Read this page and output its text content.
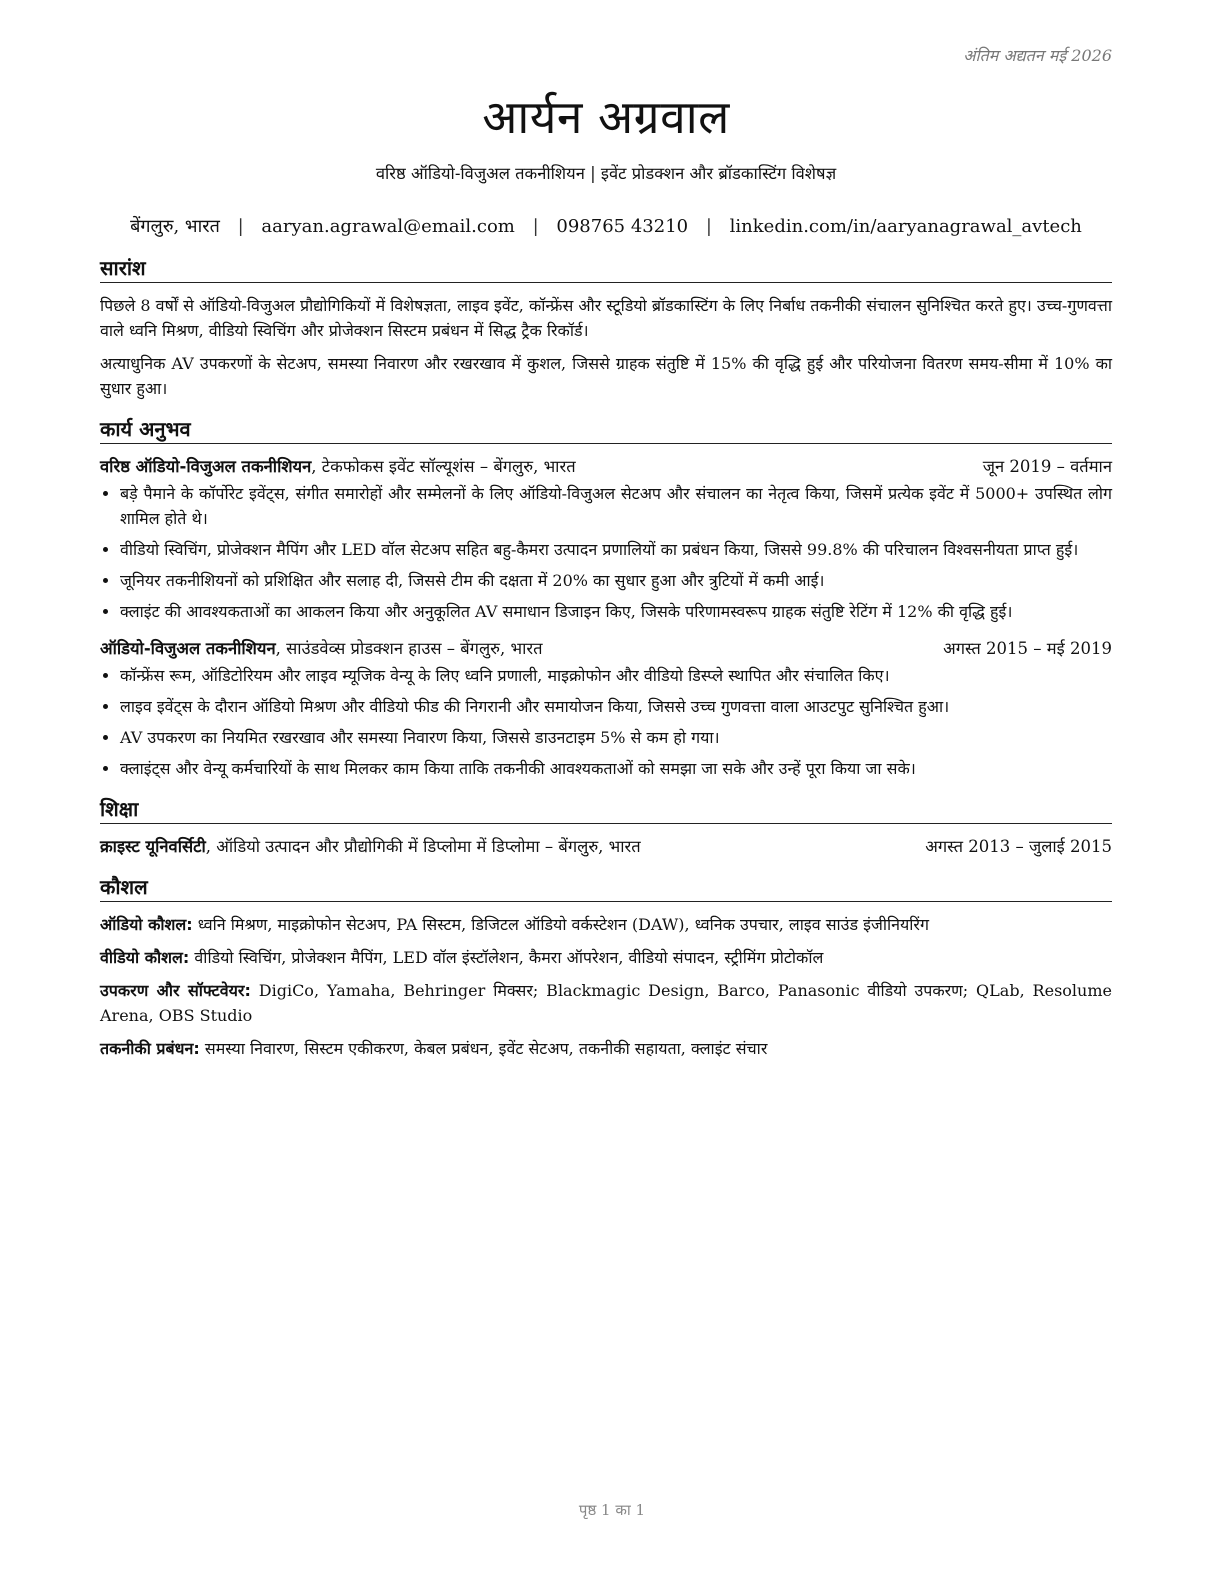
अंतिम अद्यतन मई 2026
आर्यन अग्रवाल
वरिष्ठ ऑडियो-विजुअल तकनीशियन | इवेंट प्रोडक्शन और ब्रॉडकास्टिंग विशेषज्ञ
बेंगलुरु, भारत | aaryan.agrawal@email.com | 098765 43210 | linkedin.com/in/aaryanagrawal_avtech
सारांश

पिछले 8 वर्षों से ऑडियो-विजुअल प्रौद्योगिकियों में विशेषज्ञता, लाइव इवेंट, कॉन्फ्रेंस और स्टूडियो ब्रॉडकास्टिंग के लिए निर्बाध तकनीकी संचालन सुनिश्चित करते हुए। उच्च-गुणवत्ता वाले ध्वनि मिश्रण, वीडियो स्विचिंग और प्रोजेक्शन सिस्टम प्रबंधन में सिद्ध ट्रैक रिकॉर्ड।

अत्याधुनिक AV उपकरणों के सेटअप, समस्या निवारण और रखरखाव में कुशल, जिससे ग्राहक संतुष्टि में 15% की वृद्धि हुई और परियोजना वितरण समय-सीमा में 10% का सुधार हुआ।

कार्य अनुभव
वरिष्ठ ऑडियो-विजुअल तकनीशियन, टेकफोकस इवेंट सॉल्यूशंस – बेंगलुरु, भारत	जून 2019 – वर्तमान
• बड़े पैमाने के कॉर्पोरेट इवेंट्स, संगीत समारोहों और सम्मेलनों के लिए ऑडियो-विजुअल सेटअप और संचालन का नेतृत्व किया, जिसमें प्रत्येक इवेंट में 5000+ उपस्थित लोग शामिल होते थे।
• वीडियो स्विचिंग, प्रोजेक्शन मैपिंग और LED वॉल सेटअप सहित बहु-कैमरा उत्पादन प्रणालियों का प्रबंधन किया, जिससे 99.8% की परिचालन विश्वसनीयता प्राप्त हुई।
• जूनियर तकनीशियनों को प्रशिक्षित और सलाह दी, जिससे टीम की दक्षता में 20% का सुधार हुआ और त्रुटियों में कमी आई।
• क्लाइंट की आवश्यकताओं का आकलन किया और अनुकूलित AV समाधान डिजाइन किए, जिसके परिणामस्वरूप ग्राहक संतुष्टि रेटिंग में 12% की वृद्धि हुई।
ऑडियो-विजुअल तकनीशियन, साउंडवेव्स प्रोडक्शन हाउस – बेंगलुरु, भारत	अगस्त 2015 – मई 2019
• कॉन्फ्रेंस रूम, ऑडिटोरियम और लाइव म्यूजिक वेन्यू के लिए ध्वनि प्रणाली, माइक्रोफोन और वीडियो डिस्प्ले स्थापित और संचालित किए।
• लाइव इवेंट्स के दौरान ऑडियो मिश्रण और वीडियो फीड की निगरानी और समायोजन किया, जिससे उच्च गुणवत्ता वाला आउटपुट सुनिश्चित हुआ।
• AV उपकरण का नियमित रखरखाव और समस्या निवारण किया, जिससे डाउनटाइम 5% से कम हो गया।
• क्लाइंट्स और वेन्यू कर्मचारियों के साथ मिलकर काम किया ताकि तकनीकी आवश्यकताओं को समझा जा सके और उन्हें पूरा किया जा सके।
शिक्षा
क्राइस्ट यूनिवर्सिटी, ऑडियो उत्पादन और प्रौद्योगिकी में डिप्लोमा में डिप्लोमा – बेंगलुरु, भारत	अगस्त 2013 – जुलाई 2015
कौशल

ऑडियो कौशल: ध्वनि मिश्रण, माइक्रोफोन सेटअप, PA सिस्टम, डिजिटल ऑडियो वर्कस्टेशन (DAW), ध्वनिक उपचार, लाइव साउंड इंजीनियरिंग

वीडियो कौशल: वीडियो स्विचिंग, प्रोजेक्शन मैपिंग, LED वॉल इंस्टॉलेशन, कैमरा ऑपरेशन, वीडियो संपादन, स्ट्रीमिंग प्रोटोकॉल

उपकरण और सॉफ्टवेयर: DigiCo, Yamaha, Behringer मिक्सर; Blackmagic Design, Barco, Panasonic वीडियो उपकरण; QLab, Resolume Arena, OBS Studio

तकनीकी प्रबंधन: समस्या निवारण, सिस्टम एकीकरण, केबल प्रबंधन, इवेंट सेटअप, तकनीकी सहायता, क्लाइंट संचार

पृष्ठ 1 का 1
